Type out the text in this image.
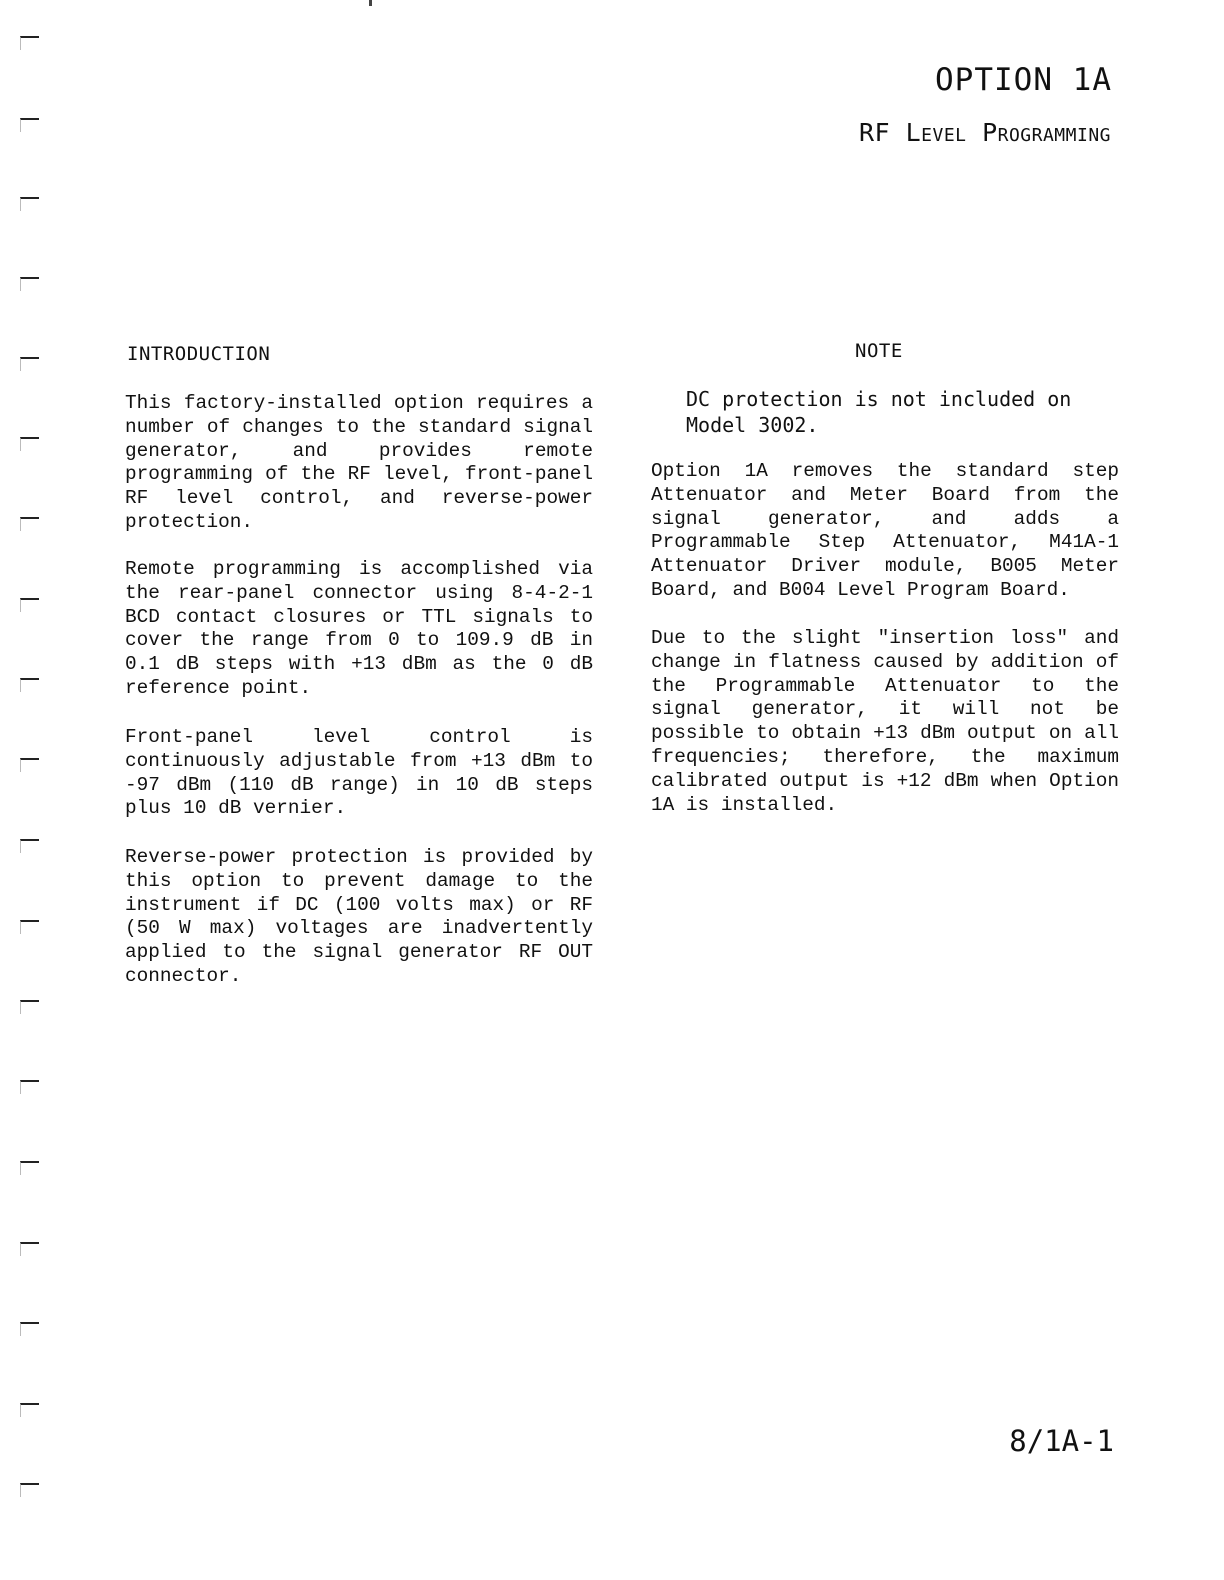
OPTION 1A
RF Level Programming
INTRODUCTION

This factory-installed option requires a number of changes to the standard signal generator, and provides remote programming of the RF level, front-panel RF level control, and reverse-power protection.

Remote programming is accomplished via the rear-panel connector using 8-4-2-1 BCD contact closures or TTL signals to cover the range from 0 to 109.9 dB in 0.1 dB steps with +13 dBm as the 0 dB reference point.

Front-panel level control is continuously adjustable from +13 dBm to -97 dBm (110 dB range) in 10 dB steps plus 10 dB vernier.

Reverse-power protection is provided by this option to prevent damage to the instrument if DC (100 volts max) or RF (50 W max) voltages are inadvertently applied to the signal generator RF OUT connector.

NOTE

DC protection is not included on Model 3002.

Option 1A removes the standard step Attenuator and Meter Board from the signal generator, and adds a Programmable Step Attenuator, M41A-1 Attenuator Driver module, B005 Meter Board, and B004 Level Program Board.

Due to the slight "insertion loss" and change in flatness caused by addition of the Programmable Attenuator to the signal generator, it will not be possible to obtain +13 dBm output on all frequencies; therefore, the maximum calibrated output is +12 dBm when Option 1A is installed.

8/1A-1
